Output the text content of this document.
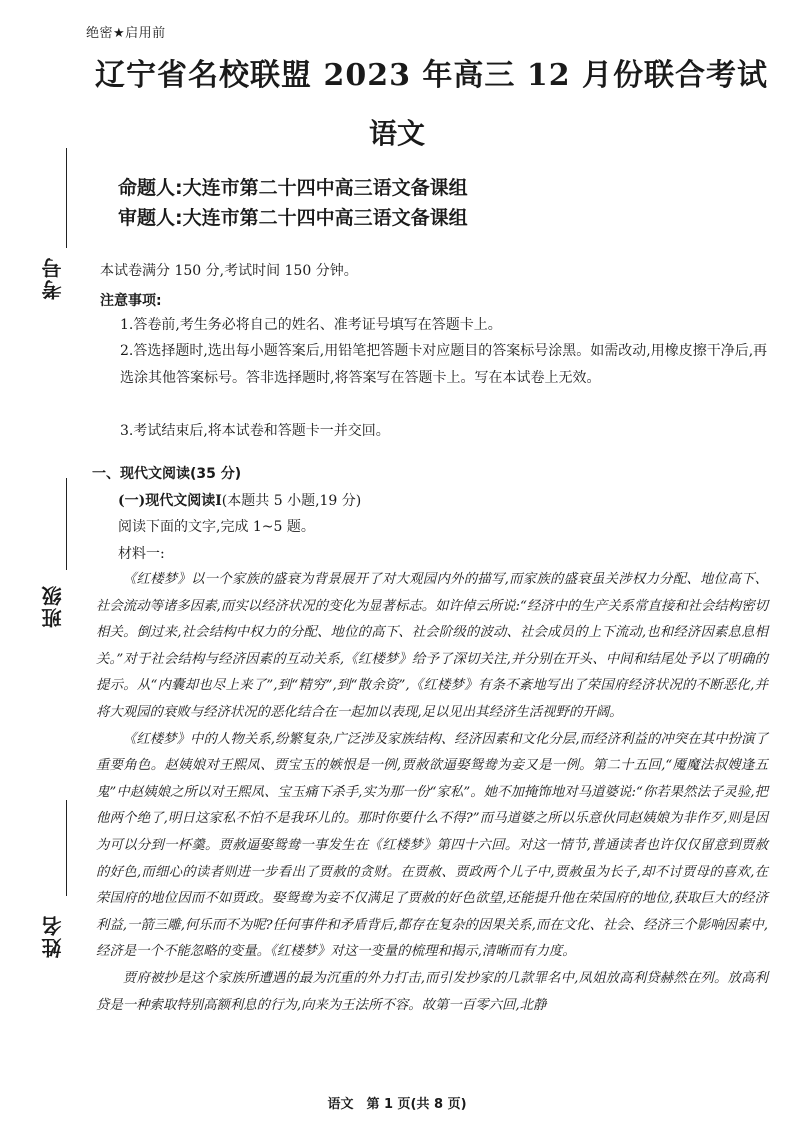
绝密★启用前
辽宁省名校联盟 2023 年高三 12 月份联合考试
语文
命题人:大连市第二十四中高三语文备课组
审题人:大连市第二十四中高三语文备课组
考号
班级
姓名
本试卷满分 150 分,考试时间 150 分钟。
注意事项:
1.答卷前,考生务必将自己的姓名、准考证号填写在答题卡上。
2.答选择题时,选出每小题答案后,用铅笔把答题卡对应题目的答案标号涂黑。如需改动,用橡皮擦干净后,再选涂其他答案标号。答非选择题时,将答案写在答题卡上。写在本试卷上无效。
3.考试结束后,将本试卷和答题卡一并交回。
一、现代文阅读(35 分)
(一)现代文阅读Ⅰ(本题共 5 小题,19 分)
阅读下面的文字,完成 1~5 题。
材料一:

《红楼梦》以一个家族的盛衰为背景展开了对大观园内外的描写,而家族的盛衰虽关涉权力分配、地位高下、社会流动等诸多因素,而实以经济状况的变化为显著标志。如许倬云所说:“经济中的生产关系常直接和社会结构密切相关。倒过来,社会结构中权力的分配、地位的高下、社会阶级的波动、社会成员的上下流动,也和经济因素息息相关。”对于社会结构与经济因素的互动关系,《红楼梦》给予了深切关注,并分别在开头、中间和结尾处予以了明确的提示。从“内囊却也尽上来了”,到“精穷”,到“散余资”,《红楼梦》有条不紊地写出了荣国府经济状况的不断恶化,并将大观园的衰败与经济状况的恶化结合在一起加以表现,足以见出其经济生活视野的开阔。

《红楼梦》中的人物关系,纷繁复杂,广泛涉及家族结构、经济因素和文化分层,而经济利益的冲突在其中扮演了重要角色。赵姨娘对王熙凤、贾宝玉的嫉恨是一例,贾赦欲逼娶鸳鸯为妾又是一例。第二十五回,“魇魔法叔嫂逢五鬼”中赵姨娘之所以对王熙凤、宝玉痛下杀手,实为那一份“家私”。她不加掩饰地对马道婆说:“你若果然法子灵验,把他两个绝了,明日这家私不怕不是我环儿的。那时你要什么不得?”而马道婆之所以乐意伙同赵姨娘为非作歹,则是因为可以分到一杯羹。贾赦逼娶鸳鸯一事发生在《红楼梦》第四十六回。对这一情节,普通读者也许仅仅留意到贾赦的好色,而细心的读者则进一步看出了贾赦的贪财。在贾赦、贾政两个儿子中,贾赦虽为长子,却不讨贾母的喜欢,在荣国府的地位因而不如贾政。娶鸳鸯为妾不仅满足了贾赦的好色欲望,还能提升他在荣国府的地位,获取巨大的经济利益,一箭三雕,何乐而不为呢?任何事件和矛盾背后,都存在复杂的因果关系,而在文化、社会、经济三个影响因素中,经济是一个不能忽略的变量。《红楼梦》对这一变量的梳理和揭示,清晰而有力度。

贾府被抄是这个家族所遭遇的最为沉重的外力打击,而引发抄家的几款罪名中,凤姐放高利贷赫然在列。放高利贷是一种索取特别高额利息的行为,向来为王法所不容。故第一百零六回,北静

语文　第 1 页(共 8 页)
